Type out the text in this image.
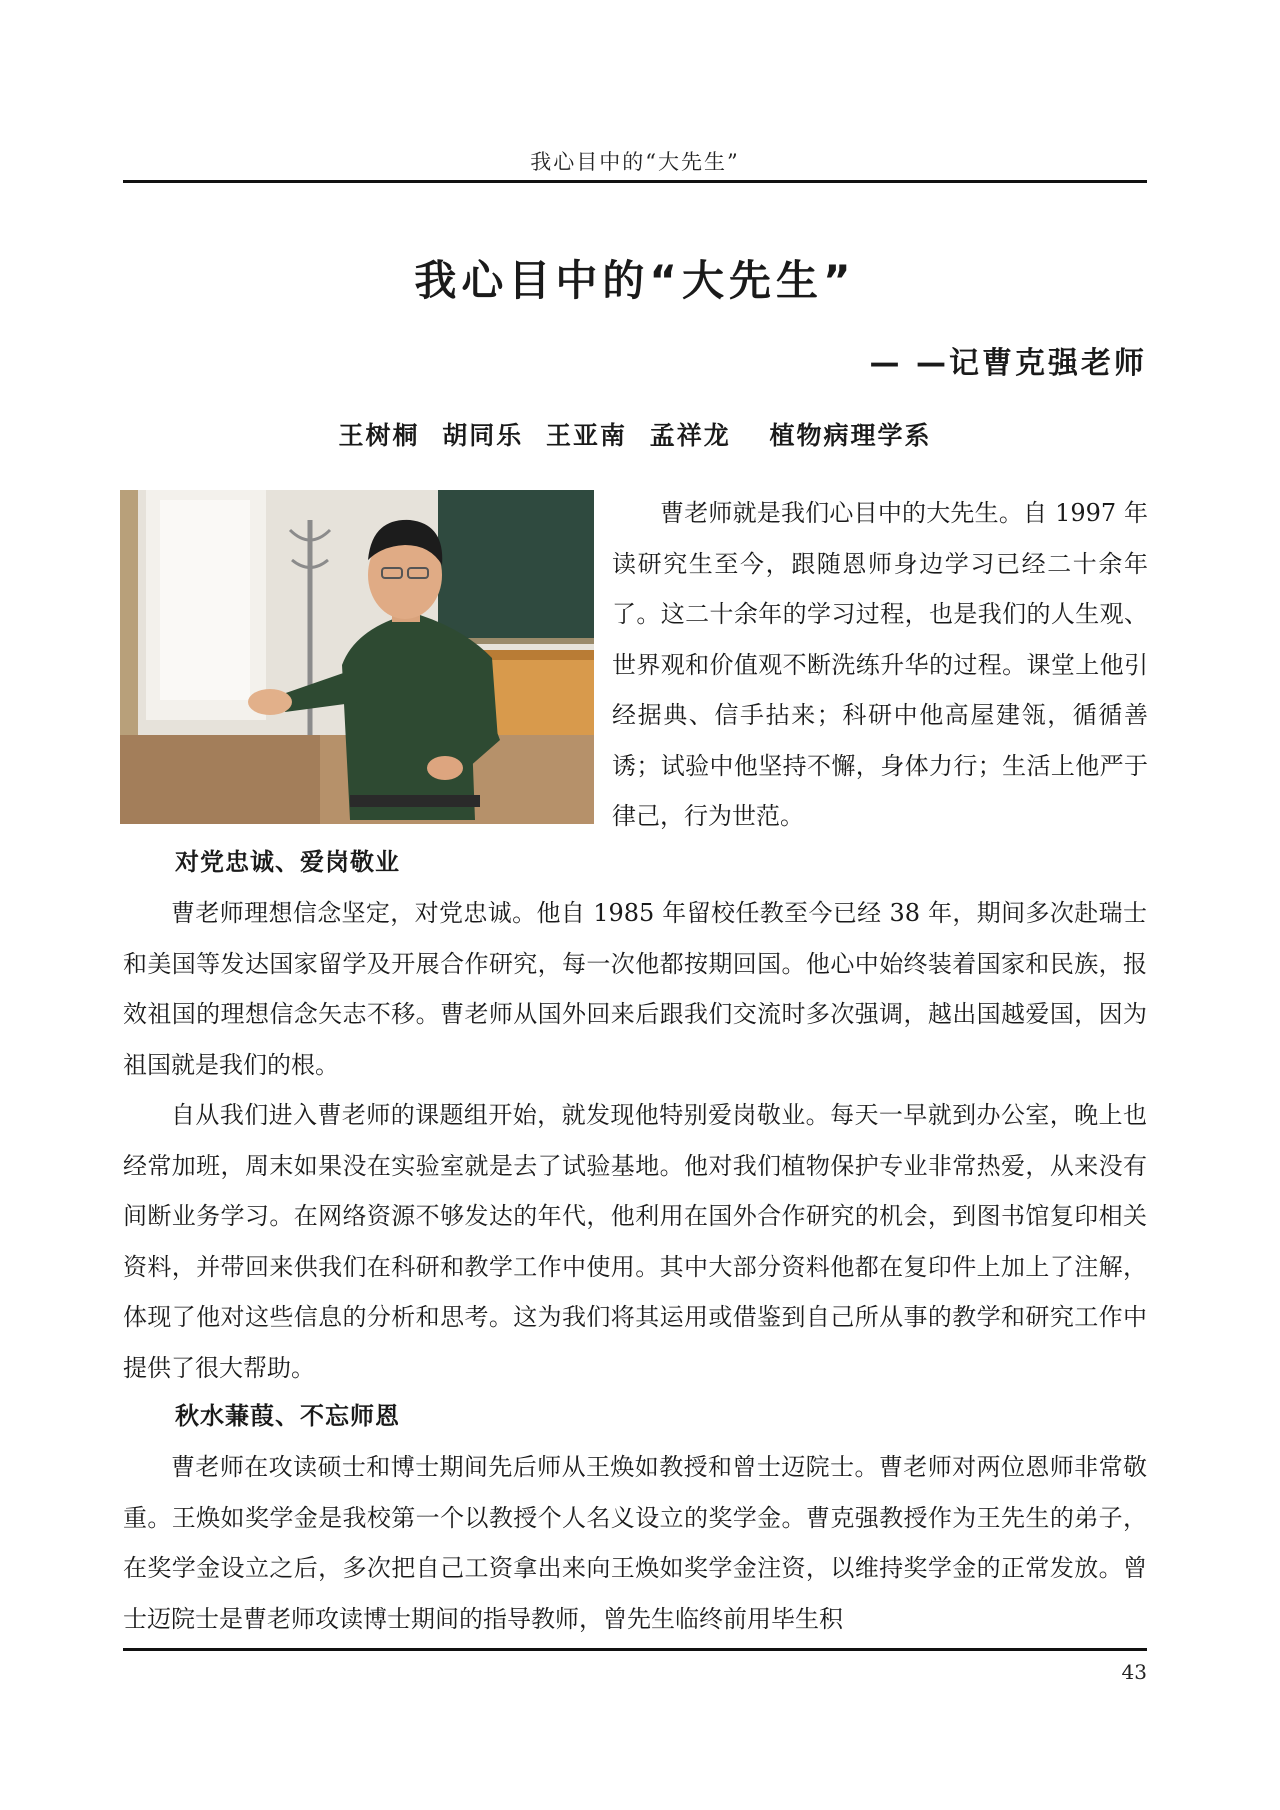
我心目中的“大先生”
我心目中的“大先生”
— —记曹克强老师
王树桐 胡同乐 王亚南 孟祥龙 植物病理学系

曹老师就是我们心目中的大先生。自 1997 年读研究生至今，跟随恩师身边学习已经二十余年了。这二十余年的学习过程，也是我们的人生观、世界观和价值观不断洗练升华的过程。课堂上他引经据典、信手拈来；科研中他高屋建瓴，循循善诱；试验中他坚持不懈，身体力行；生活上他严于律己，行为世范。

对党忠诚、爱岗敬业

曹老师理想信念坚定，对党忠诚。他自 1985 年留校任教至今已经 38 年，期间多次赴瑞士和美国等发达国家留学及开展合作研究，每一次他都按期回国。他心中始终装着国家和民族，报效祖国的理想信念矢志不移。曹老师从国外回来后跟我们交流时多次强调，越出国越爱国，因为祖国就是我们的根。

自从我们进入曹老师的课题组开始，就发现他特别爱岗敬业。每天一早就到办公室，晚上也经常加班，周末如果没在实验室就是去了试验基地。他对我们植物保护专业非常热爱，从来没有间断业务学习。在网络资源不够发达的年代，他利用在国外合作研究的机会，到图书馆复印相关资料，并带回来供我们在科研和教学工作中使用。其中大部分资料他都在复印件上加上了注解，体现了他对这些信息的分析和思考。这为我们将其运用或借鉴到自己所从事的教学和研究工作中提供了很大帮助。

秋水蒹葭、不忘师恩

曹老师在攻读硕士和博士期间先后师从王焕如教授和曾士迈院士。曹老师对两位恩师非常敬重。王焕如奖学金是我校第一个以教授个人名义设立的奖学金。曹克强教授作为王先生的弟子，在奖学金设立之后，多次把自己工资拿出来向王焕如奖学金注资，以维持奖学金的正常发放。曾士迈院士是曹老师攻读博士期间的指导教师，曾先生临终前用毕生积

43
